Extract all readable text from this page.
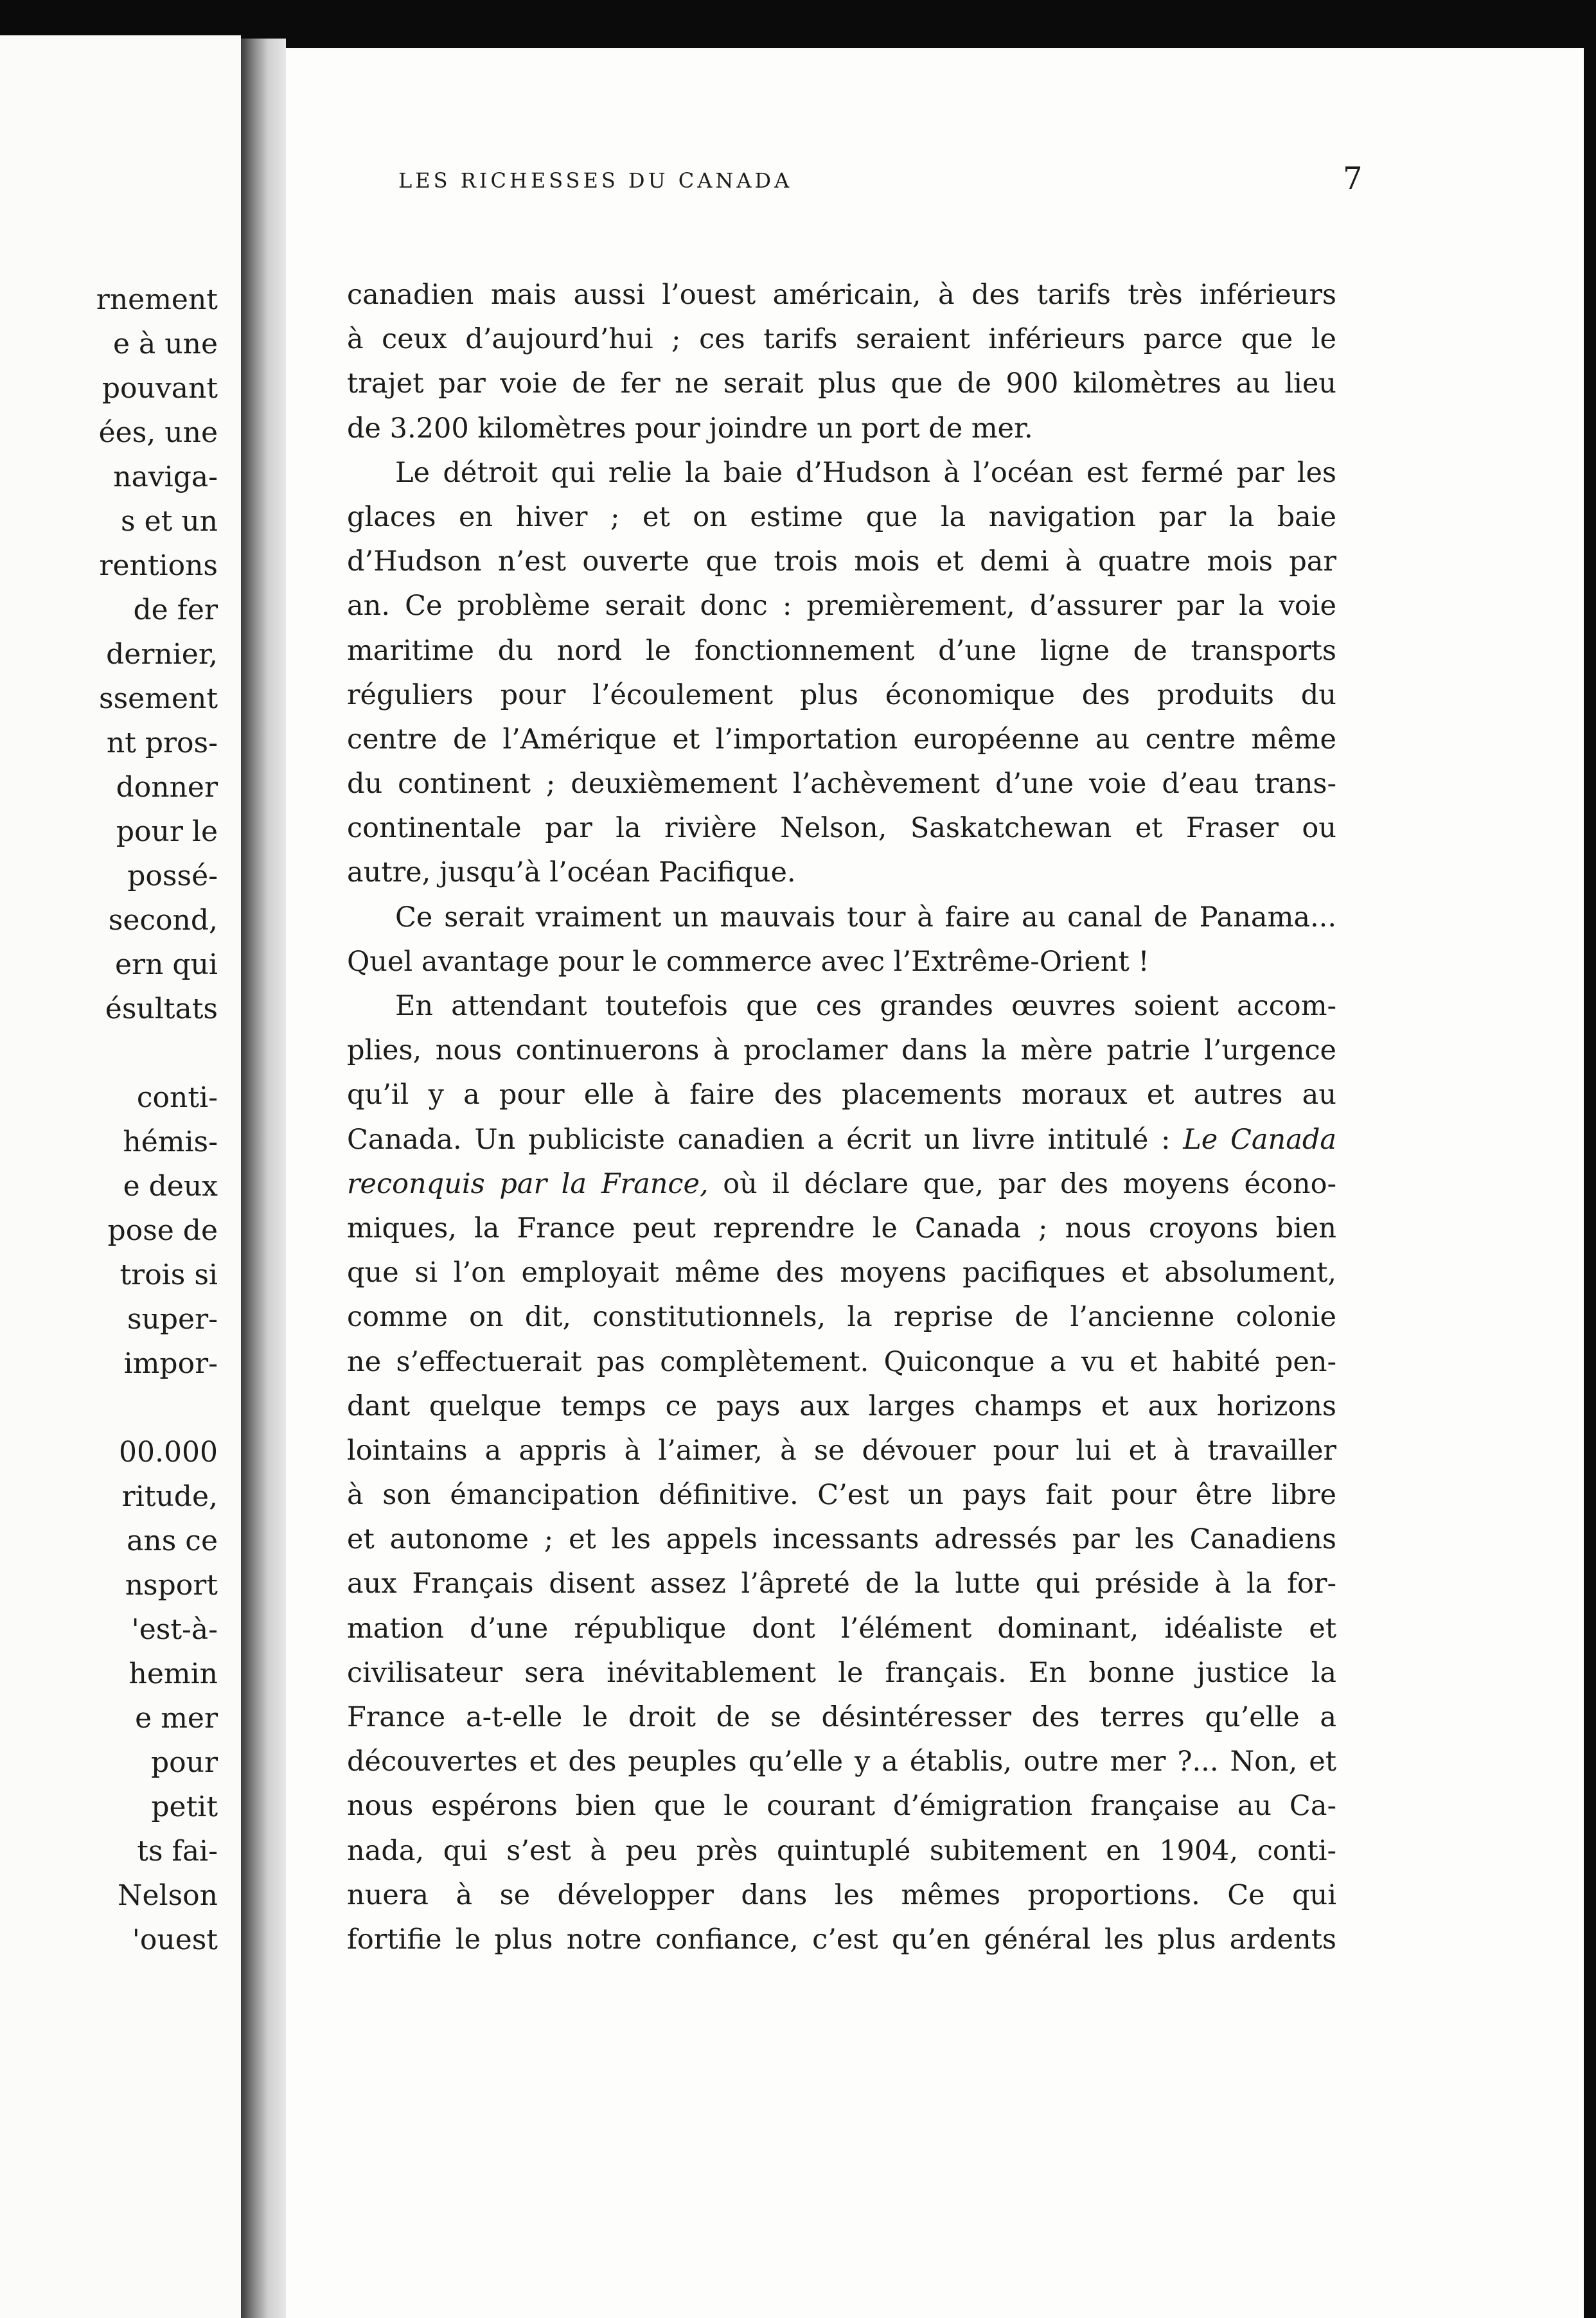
rnement
e à une
pouvant
ées, une
naviga-
s et un
rentions
de fer
dernier,
ssement
nt pros-
donner
pour le
possé-
second,
ern qui
ésultats
conti-
hémis-
e deux
pose de
trois si
super-
impor-
00.000
ritude,
ans ce
nsport
'est-à-
hemin
e mer
pour
petit
ts fai-
Nelson
'ouest
LES RICHESSES DU CANADA	7
canadien mais aussi l’ouest américain, à des tarifs très inférieurs
à ceux d’aujourd’hui ; ces tarifs seraient inférieurs parce que le
trajet par voie de fer ne serait plus que de 900 kilomètres au lieu
de 3.200 kilomètres pour joindre un port de mer.
Le détroit qui relie la baie d’Hudson à l’océan est fermé par les
glaces en hiver ; et on estime que la navigation par la baie
d’Hudson n’est ouverte que trois mois et demi à quatre mois par
an. Ce problème serait donc : premièrement, d’assurer par la voie
maritime du nord le fonctionnement d’une ligne de transports
réguliers pour l’écoulement plus économique des produits du
centre de l’Amérique et l’importation européenne au centre même
du continent ; deuxièmement l’achèvement d’une voie d’eau trans-
continentale par la rivière Nelson, Saskatchewan et Fraser ou
autre, jusqu’à l’océan Pacifique.
Ce serait vraiment un mauvais tour à faire au canal de Panama...
Quel avantage pour le commerce avec l’Extrême-Orient !
En attendant toutefois que ces grandes œuvres soient accom-
plies, nous continuerons à proclamer dans la mère patrie l’urgence
qu’il y a pour elle à faire des placements moraux et autres au
Canada. Un publiciste canadien a écrit un livre intitulé : Le Canada
reconquis par la France, où il déclare que, par des moyens écono-
miques, la France peut reprendre le Canada ; nous croyons bien
que si l’on employait même des moyens pacifiques et absolument,
comme on dit, constitutionnels, la reprise de l’ancienne colonie
ne s’effectuerait pas complètement. Quiconque a vu et habité pen-
dant quelque temps ce pays aux larges champs et aux horizons
lointains a appris à l’aimer, à se dévouer pour lui et à travailler
à son émancipation définitive. C’est un pays fait pour être libre
et autonome ; et les appels incessants adressés par les Canadiens
aux Français disent assez l’âpreté de la lutte qui préside à la for-
mation d’une république dont l’élément dominant, idéaliste et
civilisateur sera inévitablement le français. En bonne justice la
France a-t-elle le droit de se désintéresser des terres qu’elle a
découvertes et des peuples qu’elle y a établis, outre mer ?... Non, et
nous espérons bien que le courant d’émigration française au Ca-
nada, qui s’est à peu près quintuplé subitement en 1904, conti-
nuera à se développer dans les mêmes proportions. Ce qui
fortifie le plus notre confiance, c’est qu’en général les plus ardents
